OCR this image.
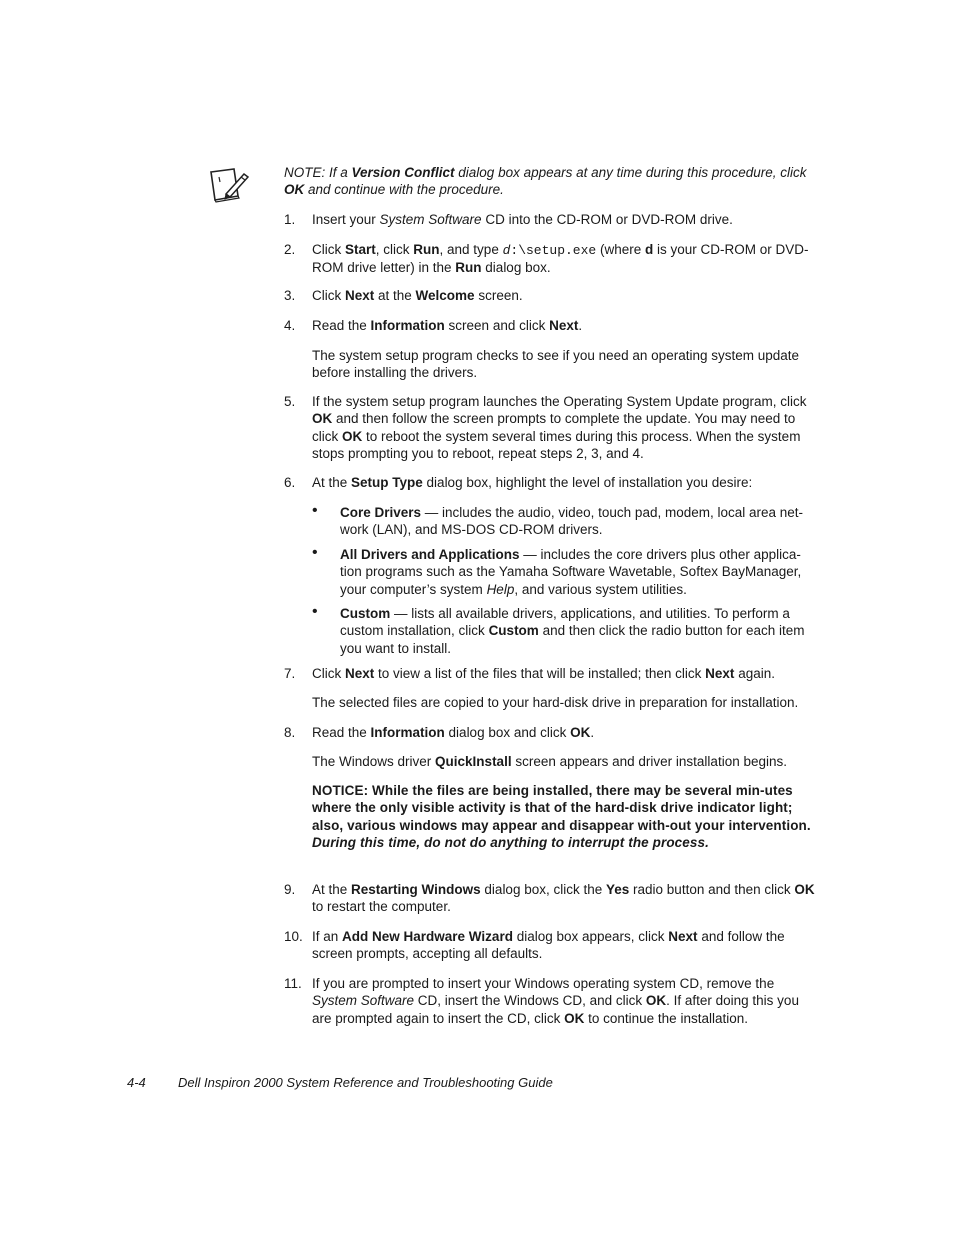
NOTE: If a Version Conflict dialog box appears at any time during this procedure, click OK and continue with the procedure.
1.	Insert your System Software CD into the CD-ROM or DVD-ROM drive.
2.	Click Start, click Run, and type d:\setup.exe (where d is your CD-ROM or DVD-ROM drive letter) in the Run dialog box.
3.	Click Next at the Welcome screen.
4.	Read the Information screen and click Next.
The system setup program checks to see if you need an operating system update before installing the drivers.
5.	If the system setup program launches the Operating System Update program, click OK and then follow the screen prompts to complete the update. You may need to click OK to reboot the system several times during this process. When the system stops prompting you to reboot, repeat steps 2, 3, and 4.
6.	At the Setup Type dialog box, highlight the level of installation you desire:
• Core Drivers — includes the audio, video, touch pad, modem, local area net-work (LAN), and MS-DOS CD-ROM drivers.
• All Drivers and Applications — includes the core drivers plus other applica-tion programs such as the Yamaha Software Wavetable, Softex BayManager, your computer’s system Help, and various system utilities.
• Custom — lists all available drivers, applications, and utilities. To perform a custom installation, click Custom and then click the radio button for each item you want to install.
7.	Click Next to view a list of the files that will be installed; then click Next again.
The selected files are copied to your hard-disk drive in preparation for installation.
8.	Read the Information dialog box and click OK.
The Windows driver QuickInstall screen appears and driver installation begins.
NOTICE: While the files are being installed, there may be several min-utes where the only visible activity is that of the hard-disk drive indicator light; also, various windows may appear and disappear with-out your intervention. During this time, do not do anything to interrupt the process.
9.	At the Restarting Windows dialog box, click the Yes radio button and then click OK to restart the computer.
10. If an Add New Hardware Wizard dialog box appears, click Next and follow the screen prompts, accepting all defaults.
11. If you are prompted to insert your Windows operating system CD, remove the System Software CD, insert the Windows CD, and click OK. If after doing this you are prompted again to insert the CD, click OK to continue the installation.
4-4 Dell Inspiron 2000 System Reference and Troubleshooting Guide
